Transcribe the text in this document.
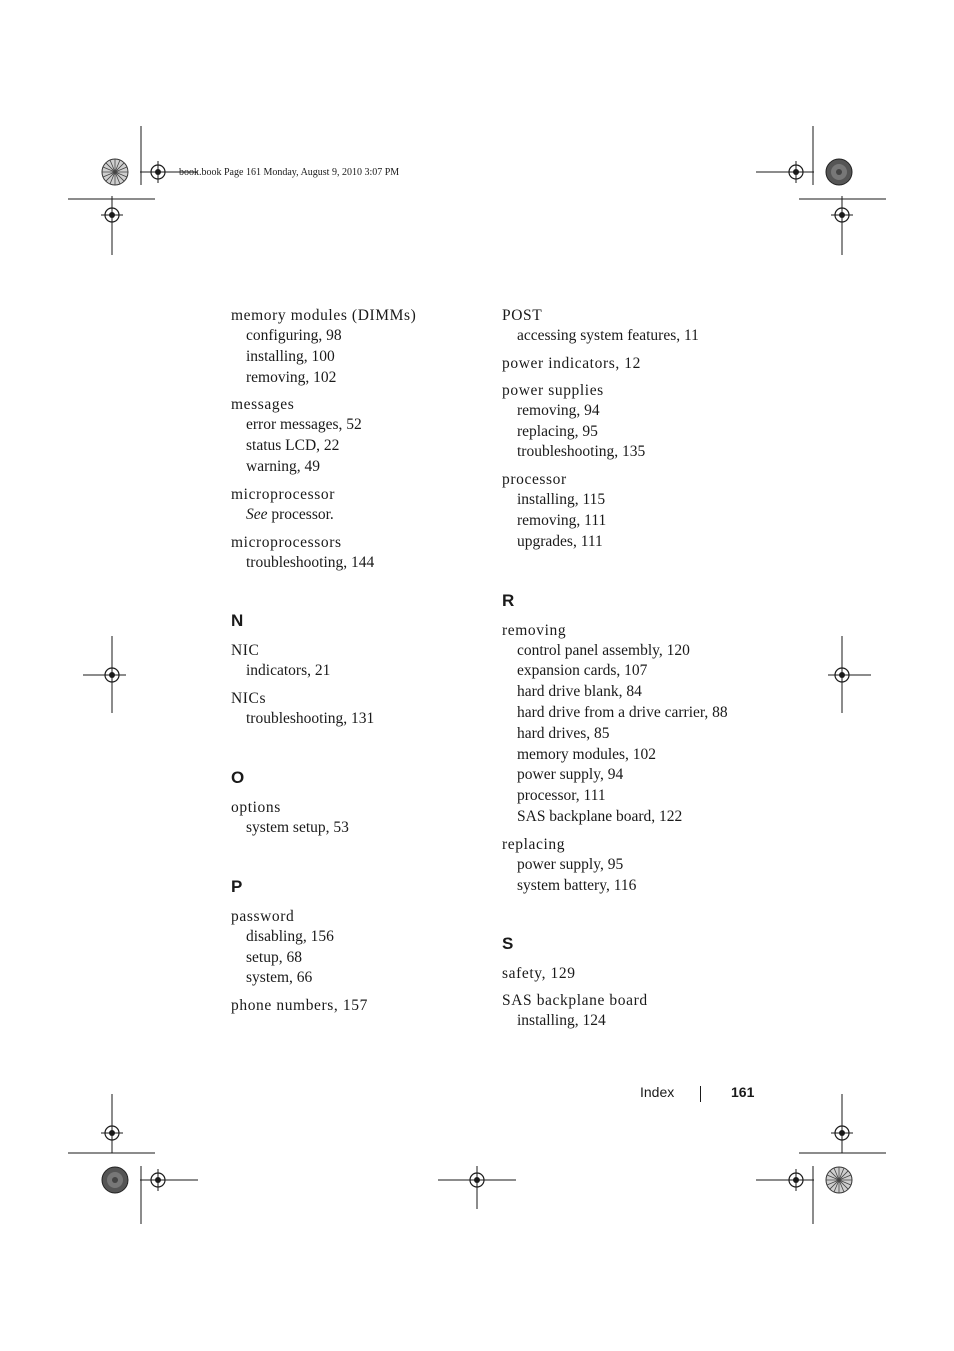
book.book Page 161 Monday, August 9, 2010 3:07 PM
memory modules (DIMMs)
configuring, 98
installing, 100
removing, 102
messages
error messages, 52
status LCD, 22
warning, 49
microprocessor
See processor.
microprocessors
troubleshooting, 144
N
NIC
indicators, 21
NICs
troubleshooting, 131
O
options
system setup, 53
P
password
disabling, 156
setup, 68
system, 66
phone numbers, 157
POST
accessing system features, 11
power indicators, 12
power supplies
removing, 94
replacing, 95
troubleshooting, 135
processor
installing, 115
removing, 111
upgrades, 111
R
removing
control panel assembly, 120
expansion cards, 107
hard drive blank, 84
hard drive from a drive carrier, 88
hard drives, 85
memory modules, 102
power supply, 94
processor, 111
SAS backplane board, 122
replacing
power supply, 95
system battery, 116
S
safety, 129
SAS backplane board
installing, 124
Index	161
